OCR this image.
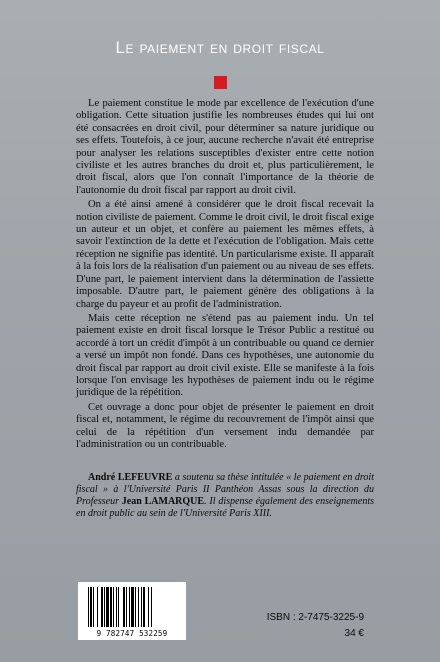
Le paiement en droit fiscal

Le paiement constitue le mode par excellence de l'exécution d'une obligation. Cette situation justifie les nombreuses études qui lui ont été consacrées en droit civil, pour déterminer sa nature juridique ou ses effets. Toutefois, à ce jour, aucune recherche n'avait été entreprise pour analyser les relations susceptibles d'exister entre cette notion civiliste et les autres branches du droit et, plus particulièrement, le droit fiscal, alors que l'on connaît l'importance de la théorie de l'autonomie du droit fiscal par rapport au droit civil.

On a été ainsi amené à considérer que le droit fiscal recevait la notion civiliste de paiement. Comme le droit civil, le droit fiscal exige un auteur et un objet, et confère au paiement les mêmes effets, à savoir l'extinction de la dette et l'exécution de l'obligation. Mais cette réception ne signifie pas identité. Un particularisme existe. Il apparaît à la fois lors de la réalisation d'un paiement ou au niveau de ses effets. D'une part, le paiement intervient dans la détermination de l'assiette imposable. D'autre part, le paiement génère des obligations à la charge du payeur et au profit de l'administration.

Mais cette réception ne s'étend pas au paiement indu. Un tel paiement existe en droit fiscal lorsque le Trésor Public a restitué ou accordé à tort un crédit d'impôt à un contribuable ou quand ce dernier a versé un impôt non fondé. Dans ces hypothèses, une autonomie du droit fiscal par rapport au droit civil existe. Elle se manifeste à la fois lorsque l'on envisage les hypothèses de paiement indu ou le régime juridique de la répétition.

Cet ouvrage a donc pour objet de présenter le paiement en droit fiscal et, notamment, le régime du recouvrement de l'impôt ainsi que celui de la répétition d'un versement indu demandée par l'administration ou un contribuable.

André LEFEUVRE a soutenu sa thèse intitulée « le paiement en droit fiscal » à l'Université Paris II Panthéon Assas sous la direction du Professeur Jean LAMARQUE. Il dispense également des enseignements en droit public au sein de l'Université Paris XIII.
9 782747 532259
ISBN : 2-7475-3225-9
34 €
